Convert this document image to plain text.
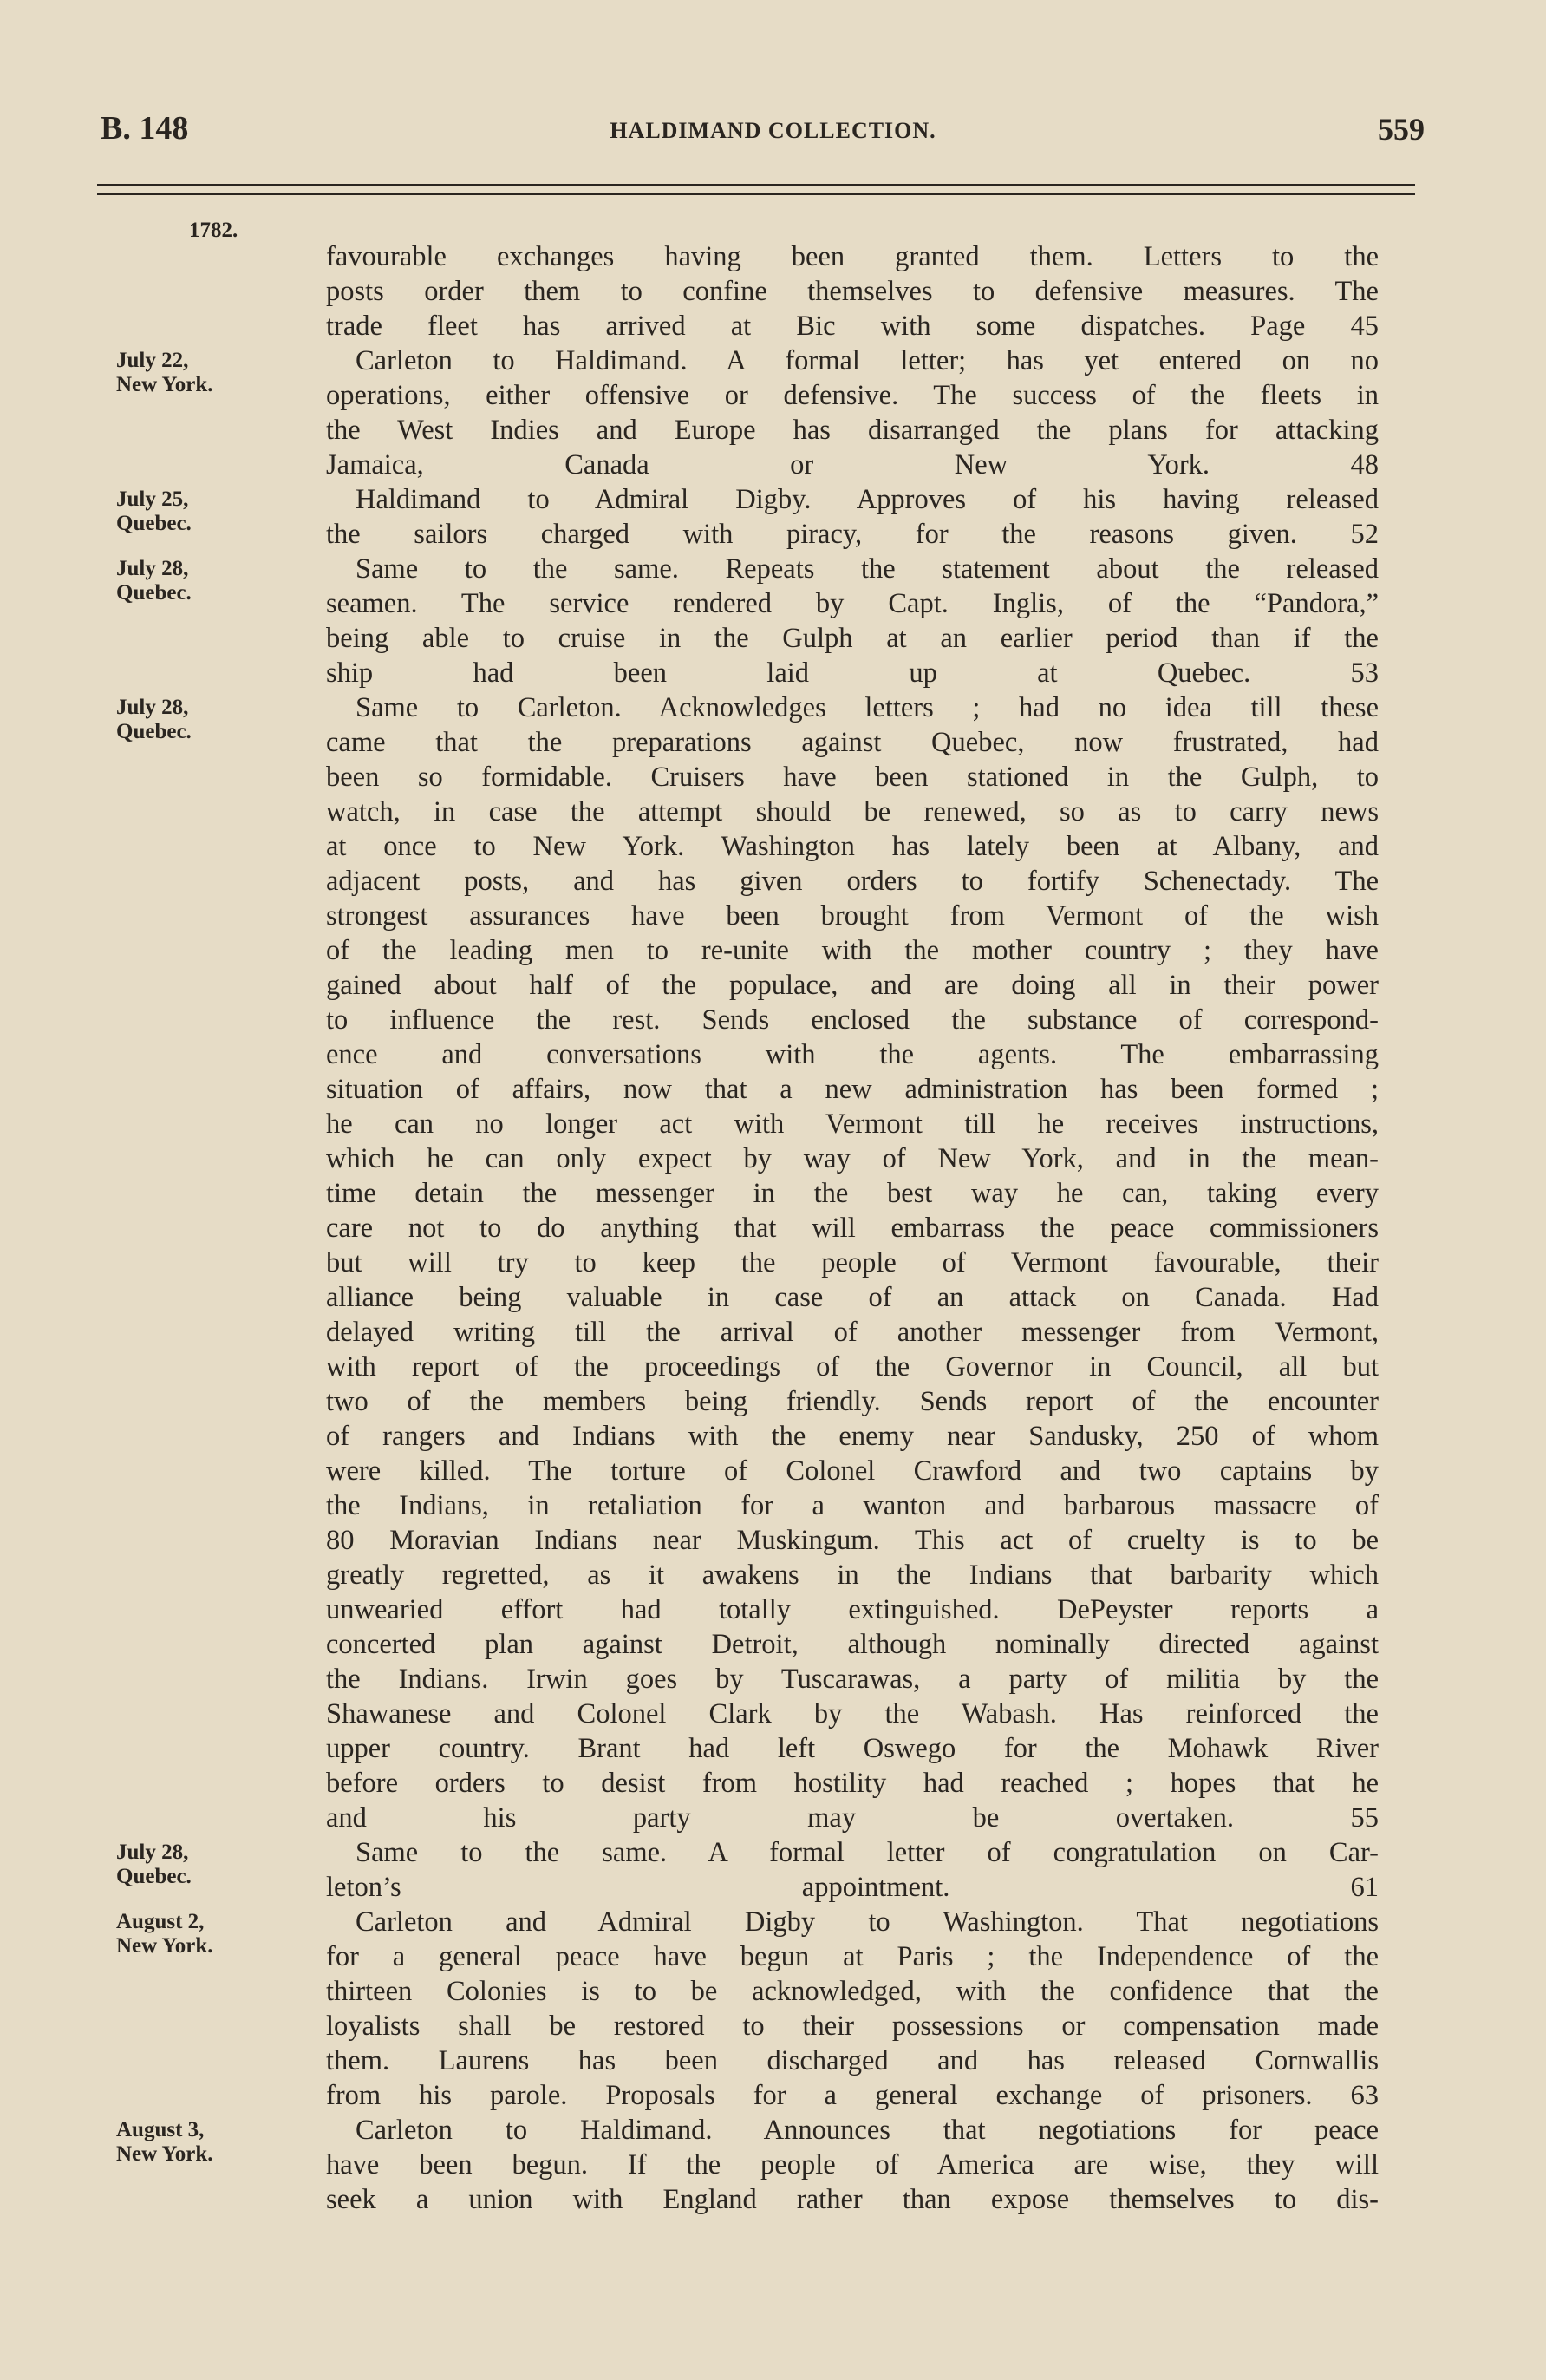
B. 148	HALDIMAND COLLECTION.	559
1782.
favourable exchanges having been granted them. Letters to the
posts order them to confine themselves to defensive measures. The
trade fleet has arrived at Bic with some dispatches. Page 45
July 22,
New York.
Carleton to Haldimand. A formal letter; has yet entered on no
operations, either offensive or defensive. The success of the fleets in
the West Indies and Europe has disarranged the plans for attacking
Jamaica, Canada or New York. 48
July 25,
Quebec.
Haldimand to Admiral Digby. Approves of his having released
the sailors charged with piracy, for the reasons given. 52
July 28,
Quebec.
Same to the same. Repeats the statement about the released
seamen. The service rendered by Capt. Inglis, of the “Pandora,”
being able to cruise in the Gulph at an earlier period than if the
ship had been laid up at Quebec. 53
July 28,
Quebec.
Same to Carleton. Acknowledges letters ; had no idea till these
came that the preparations against Quebec, now frustrated, had
been so formidable. Cruisers have been stationed in the Gulph, to
watch, in case the attempt should be renewed, so as to carry news
at once to New York. Washington has lately been at Albany, and
adjacent posts, and has given orders to fortify Schenectady. The
strongest assurances have been brought from Vermont of the wish
of the leading men to re-unite with the mother country ; they have
gained about half of the populace, and are doing all in their power
to influence the rest. Sends enclosed the substance of correspond-
ence and conversations with the agents. The embarrassing
situation of affairs, now that a new administration has been formed ;
he can no longer act with Vermont till he receives instructions,
which he can only expect by way of New York, and in the mean-
time detain the messenger in the best way he can, taking every
care not to do anything that will embarrass the peace commissioners
but will try to keep the people of Vermont favourable, their
alliance being valuable in case of an attack on Canada. Had
delayed writing till the arrival of another messenger from Vermont,
with report of the proceedings of the Governor in Council, all but
two of the members being friendly. Sends report of the encounter
of rangers and Indians with the enemy near Sandusky, 250 of whom
were killed. The torture of Colonel Crawford and two captains by
the Indians, in retaliation for a wanton and barbarous massacre of
80 Moravian Indians near Muskingum. This act of cruelty is to be
greatly regretted, as it awakens in the Indians that barbarity which
unwearied effort had totally extinguished. DePeyster reports a
concerted plan against Detroit, although nominally directed against
the Indians. Irwin goes by Tuscarawas, a party of militia by the
Shawanese and Colonel Clark by the Wabash. Has reinforced the
upper country. Brant had left Oswego for the Mohawk River
before orders to desist from hostility had reached ; hopes that he
and his party may be overtaken. 55
July 28,
Quebec.
Same to the same. A formal letter of congratulation on Car-
leton’s appointment. 61
August 2,
New York.
Carleton and Admiral Digby to Washington. That negotiations
for a general peace have begun at Paris ; the Independence of the
thirteen Colonies is to be acknowledged, with the confidence that the
loyalists shall be restored to their possessions or compensation made
them. Laurens has been discharged and has released Cornwallis
from his parole. Proposals for a general exchange of prisoners. 63
August 3,
New York.
Carleton to Haldimand. Announces that negotiations for peace
have been begun. If the people of America are wise, they will
seek a union with England rather than expose themselves to dis-
